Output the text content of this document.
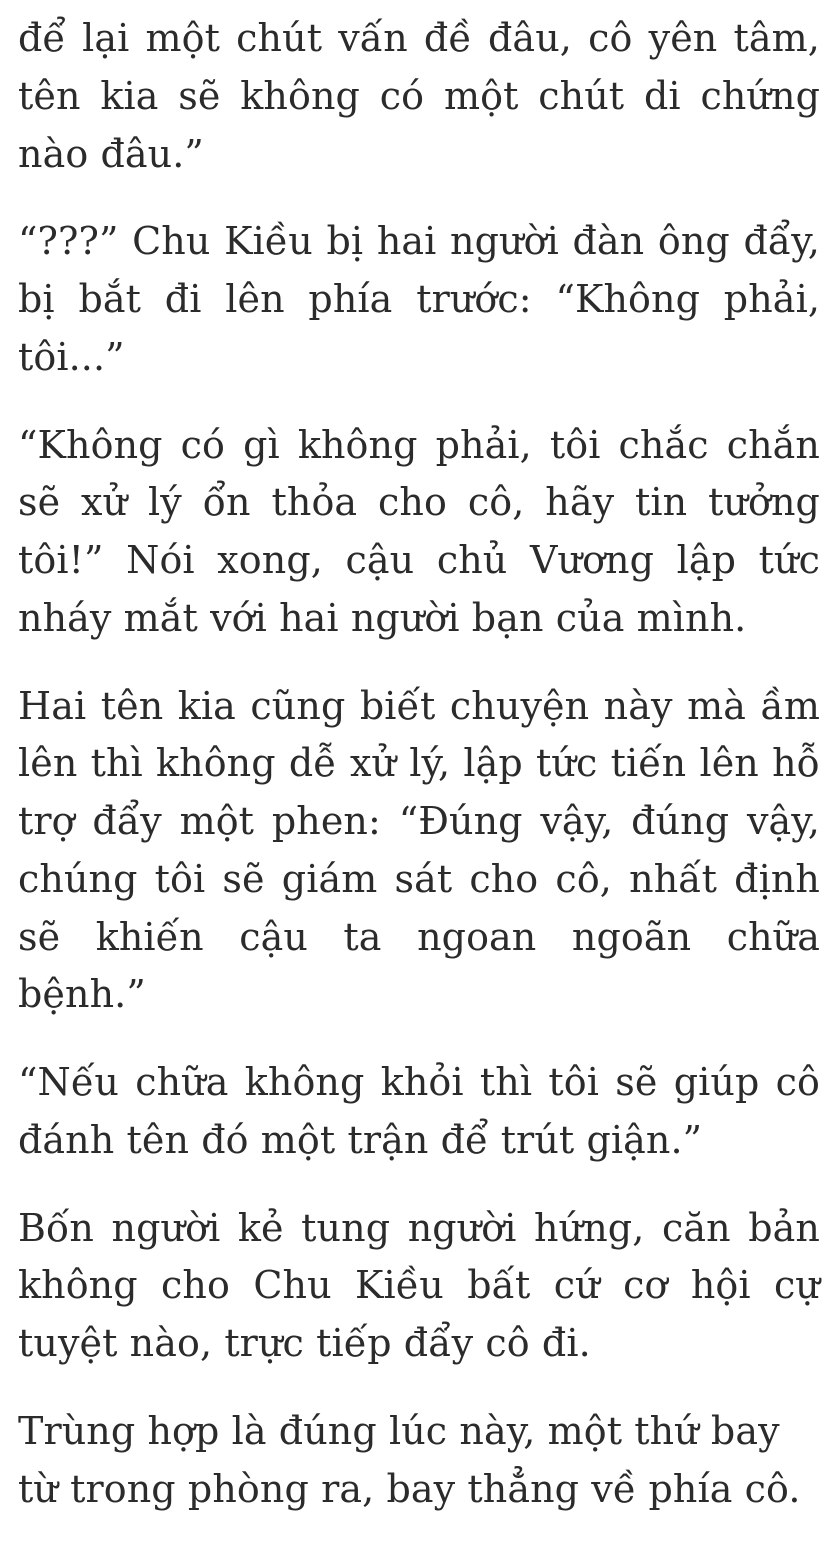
để lại một chút vấn đề đâu, cô yên tâm, tên kia sẽ không có một chút di chứng nào đâu.”

“???” Chu Kiều bị hai người đàn ông đẩy, bị bắt đi lên phía trước: “Không phải, tôi...”

“Không có gì không phải, tôi chắc chắn sẽ xử lý ổn thỏa cho cô, hãy tin tưởng tôi!” Nói xong, cậu chủ Vương lập tức nháy mắt với hai người bạn của mình.

Hai tên kia cũng biết chuyện này mà ầm lên thì không dễ xử lý, lập tức tiến lên hỗ trợ đẩy một phen: “Đúng vậy, đúng vậy, chúng tôi sẽ giám sát cho cô, nhất định sẽ khiến cậu ta ngoan ngoãn chữa bệnh.”

“Nếu chữa không khỏi thì tôi sẽ giúp cô đánh tên đó một trận để trút giận.”

Bốn người kẻ tung người hứng, căn bản không cho Chu Kiều bất cứ cơ hội cự tuyệt nào, trực tiếp đẩy cô đi.

Trùng hợp là đúng lúc này, một thứ bay từ trong phòng ra, bay thẳng về phía cô.
